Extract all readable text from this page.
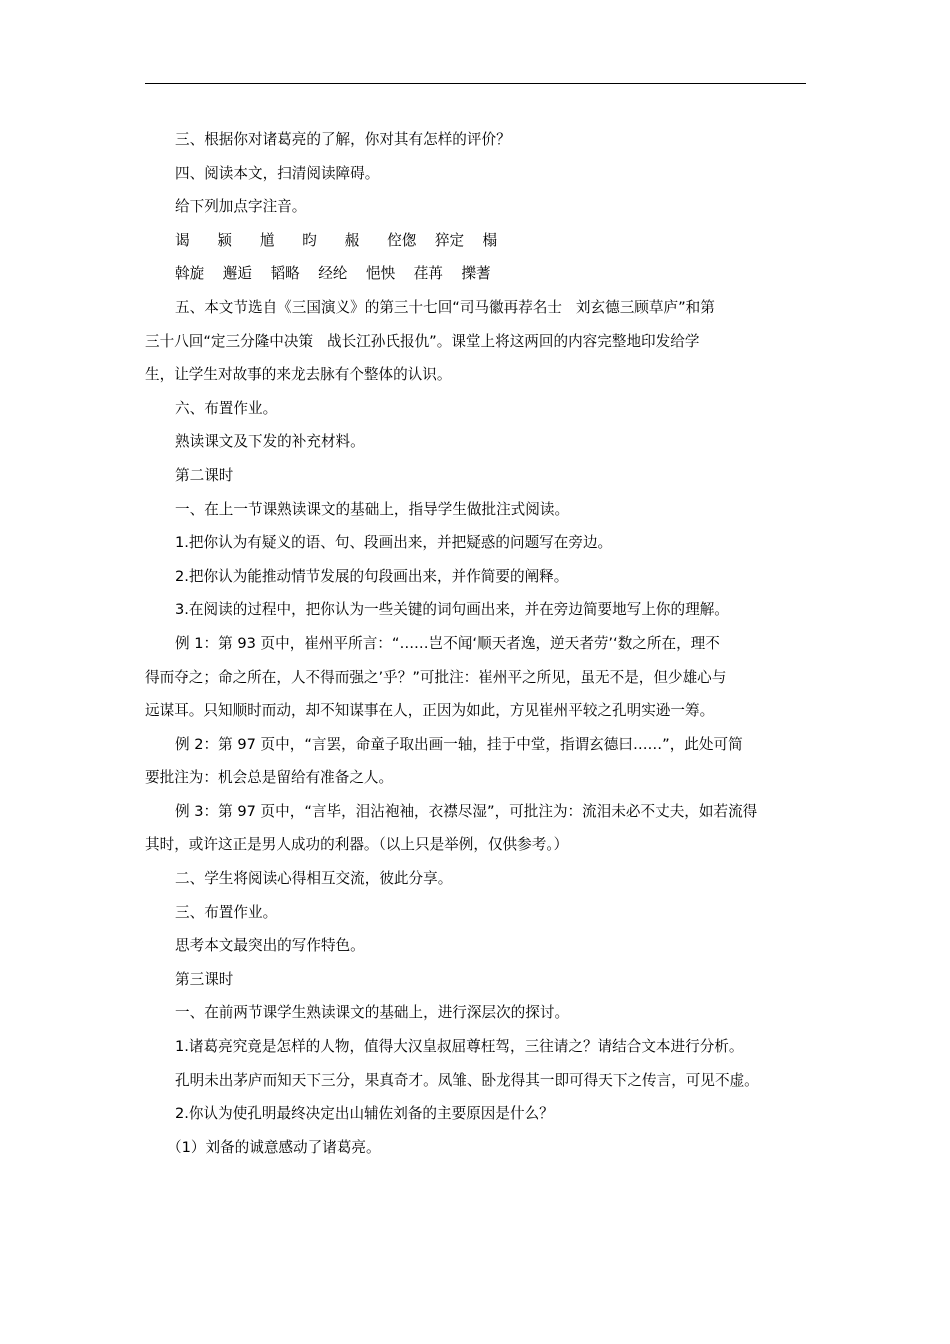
三、根据你对诸葛亮的了解，你对其有怎样的评价？
四、阅读本文，扫清阅读障碍。
给下列加点字注音。
谒      颍      馗      昀      赧      倥偬    猝定    榻
斡旋    邂逅    韬略    经纶    悒怏    荏苒    擽蓍
五、本文节选自《三国演义》的第三十七回“司马徽再荐名士   刘玄德三顾草庐”和第
三十八回“定三分隆中决策   战长江孙氏报仇”。课堂上将这两回的内容完整地印发给学
生，让学生对故事的来龙去脉有个整体的认识。
六、布置作业。
熟读课文及下发的补充材料。
第二课时
一、在上一节课熟读课文的基础上，指导学生做批注式阅读。
1.把你认为有疑义的语、句、段画出来，并把疑惑的问题写在旁边。
2.把你认为能推动情节发展的句段画出来，并作简要的阐释。
3.在阅读的过程中，把你认为一些关键的词句画出来，并在旁边简要地写上你的理解。
例 1：第 93 页中，崔州平所言：“……岂不闻‘顺天者逸，逆天者劳’‘数之所在，理不
得而夺之；命之所在，人不得而强之’乎？”可批注：崔州平之所见，虽无不是，但少雄心与
远谋耳。只知顺时而动，却不知谋事在人，正因为如此，方见崔州平较之孔明实逊一筹。
例 2：第 97 页中，“言罢，命童子取出画一轴，挂于中堂，指谓玄德曰……”，此处可简
要批注为：机会总是留给有准备之人。
例 3：第 97 页中，“言毕，泪沾袍袖，衣襟尽湿”，可批注为：流泪未必不丈夫，如若流得
其时，或许这正是男人成功的利器。（以上只是举例，仅供参考。）
二、学生将阅读心得相互交流，彼此分享。
三、布置作业。
思考本文最突出的写作特色。
第三课时
一、在前两节课学生熟读课文的基础上，进行深层次的探讨。
1.诸葛亮究竟是怎样的人物，值得大汉皇叔屈尊枉驾，三往请之？请结合文本进行分析。
孔明未出茅庐而知天下三分，果真奇才。凤雏、卧龙得其一即可得天下之传言，可见不虚。
2.你认为使孔明最终决定出山辅佐刘备的主要原因是什么？
（1）刘备的诚意感动了诸葛亮。
